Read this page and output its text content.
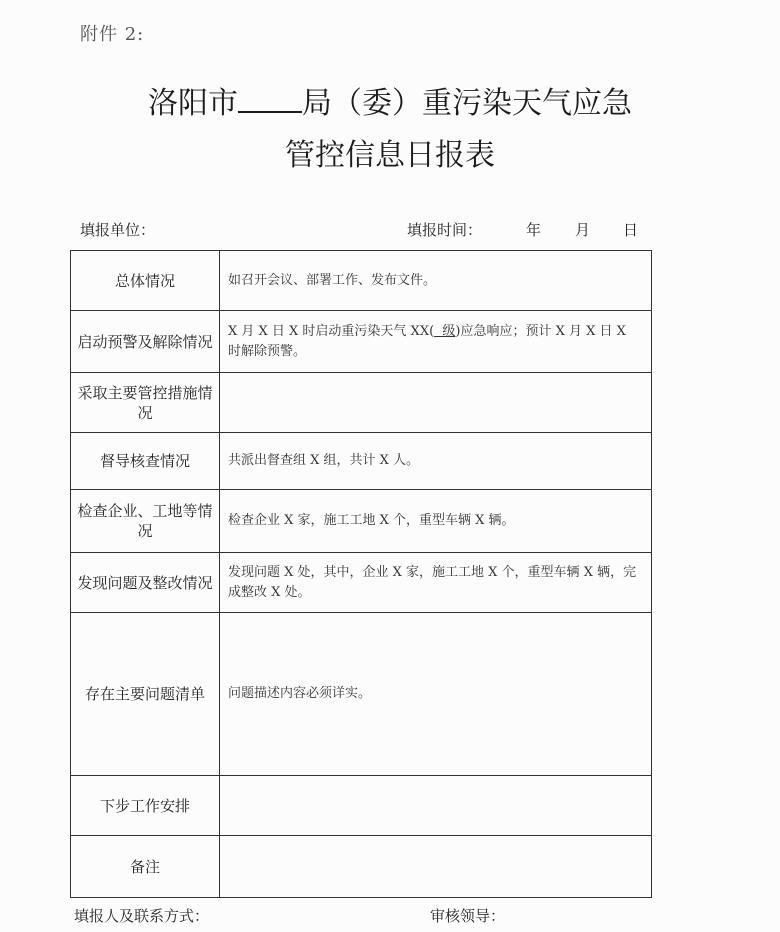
附件 2:
洛阳市 局（委）重污染天气应急
管控信息日报表
填报单位：	填报时间：	年 月 日
总体情况	如召开会议、部署工作、发布文件。
启动预警及解除情况	X 月 X 日 X 时启动重污染天气 XX(  级)应急响应；预计 X 月 X 日 X 时解除预警。
采取主要管控措施情况	
督导核查情况	共派出督查组 X 组，共计 X 人。
检查企业、工地等情况	检查企业 X 家，施工工地 X 个，重型车辆 X 辆。
发现问题及整改情况	发现问题 X 处，其中，企业 X 家，施工工地 X 个，重型车辆 X 辆，完成整改 X 处。
存在主要问题清单	问题描述内容必须详实。
下步工作安排	
备注	
填报人及联系方式：	审核领导：
